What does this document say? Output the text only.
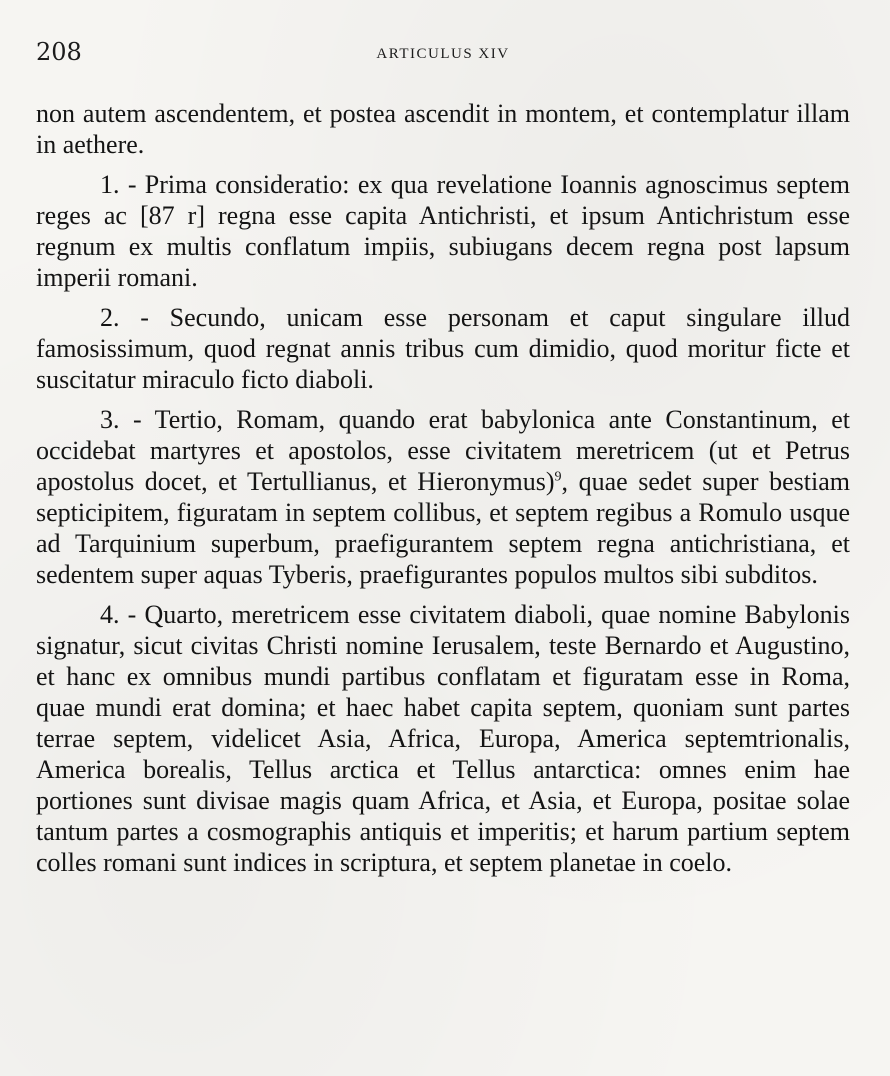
208	ARTICULUS XIV

non autem ascendentem, et postea ascendit in montem, et contemplatur illam in aethere.

1. - Prima consideratio: ex qua revelatione Ioannis agnoscimus septem reges ac [87 r] regna esse capita Antichristi, et ipsum Antichristum esse regnum ex multis conflatum impiis, subiugans decem regna post lapsum imperii romani.

2. - Secundo, unicam esse personam et caput singulare illud famosissimum, quod regnat annis tribus cum dimidio, quod moritur ficte et suscitatur miraculo ficto diaboli.

3. - Tertio, Romam, quando erat babylonica ante Constantinum, et occidebat martyres et apostolos, esse civitatem meretricem (ut et Petrus apostolus docet, et Tertullianus, et Hieronymus)$^9$, quae sedet super bestiam septicipitem, figuratam in septem collibus, et septem regibus a Romulo usque ad Tarquinium superbum, praefigurantem septem regna antichristiana, et sedentem super aquas Tyberis, praefigurantes populos multos sibi subditos.

4. - Quarto, meretricem esse civitatem diaboli, quae nomine Babylonis signatur, sicut civitas Christi nomine Ierusalem, teste Bernardo et Augustino, et hanc ex omnibus mundi partibus conflatam et figuratam esse in Roma, quae mundi erat domina; et haec habet capita septem, quoniam sunt partes terrae septem, videlicet Asia, Africa, Europa, America septemtrionalis, America borealis, Tellus arctica et Tellus antarctica: omnes enim hae portiones sunt divisae magis quam Africa, et Asia, et Europa, positae solae tantum partes a cosmographis antiquis et imperitis; et harum partium septem colles romani sunt indices in scriptura, et septem planetae in coelo.
